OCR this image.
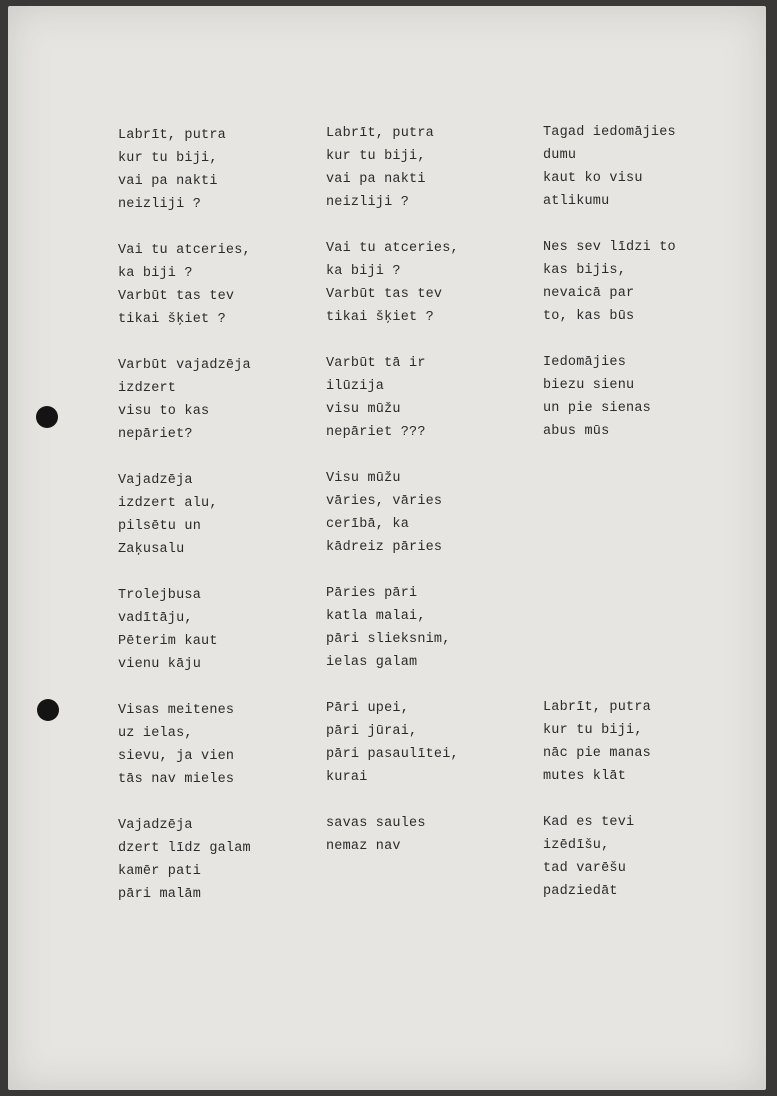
Labrīt, putra
kur tu biji,
vai pa nakti
neizliji ?
Vai tu atceries,
ka biji ?
Varbūt tas tev
tikai šķiet ?
Varbūt vajadzēja
izdzert
visu to kas
nepāriet?
Vajadzēja
izdzert alu,
pilsētu un
Zaķusalu
Trolejbusa
vadītāju,
Pēterim kaut
vienu kāju
Visas meitenes
uz ielas,
sievu, ja vien
tās nav mieles
Vajadzēja
dzert līdz galam
kamēr pati
pāri malām
Labrīt, putra
kur tu biji,
vai pa nakti
neizliji ?
Vai tu atceries,
ka biji ?
Varbūt tas tev
tikai šķiet ?
Varbūt tā ir
ilūzija
visu mūžu
nepāriet ???
Visu mūžu
vāries, vāries
cerībā, ka
kādreiz pāries
Pāries pāri
katla malai,
pāri slieksnim,
ielas galam
Pāri upei,
pāri jūrai,
pāri pasaulītei,
kurai
savas saules
nemaz nav
Tagad iedomājies
dumu
kaut ko visu
atlikumu
Nes sev līdzi to
kas bijis,
nevaicā par
to, kas būs
Iedomājies
biezu sienu
un pie sienas
abus mūs
Labrīt, putra
kur tu biji,
nāc pie manas
mutes klāt
Kad es tevi
izēdīšu,
tad varēšu
padziedāt
